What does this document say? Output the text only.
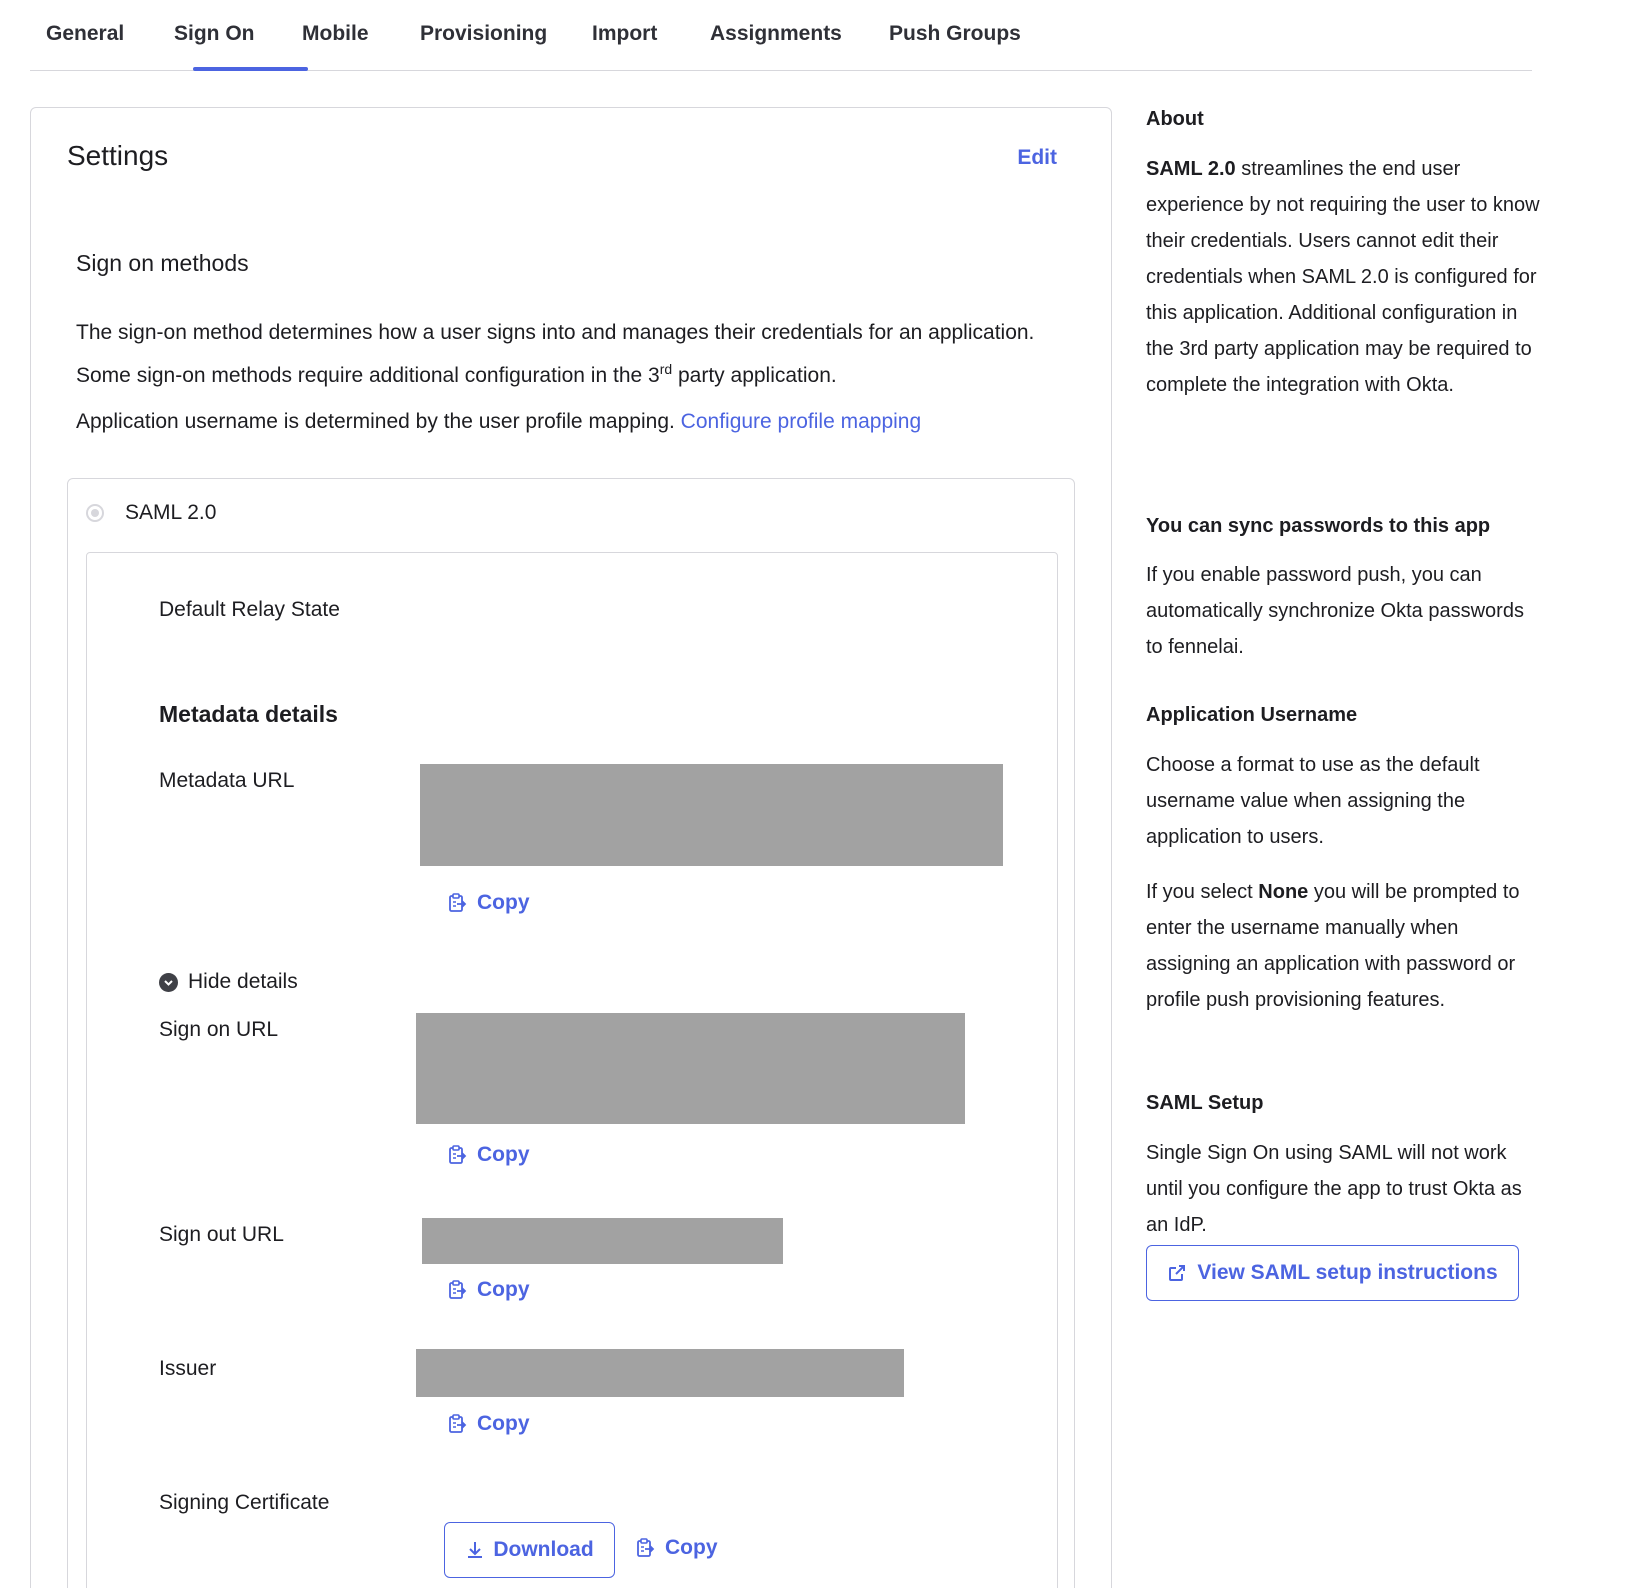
General Sign On Mobile Provisioning Import	Assignments Push Groups
Settings	Edit
Sign on methods
The sign-on method determines how a user signs into and manages their credentials for an application. Some sign-on methods require additional configuration in the 3rd party application.
Application username is determined by the user profile mapping. Configure profile mapping
SAML 2.0
Default Relay State
Metadata details
Metadata URL
Copy
Hide details
Sign on URL
Copy
Sign out URL
Copy
Issuer
Copy
Signing Certificate
Download	Copy
About
SAML 2.0 streamlines the end user experience by not requiring the user to know their credentials. Users cannot edit their credentials when SAML 2.0 is configured for this application. Additional configuration in the 3rd party application may be required to complete the integration with Okta.
You can sync passwords to this app
If you enable password push, you can automatically synchronize Okta passwords to fennelai.
Application Username
Choose a format to use as the default username value when assigning the application to users.
If you select None you will be prompted to enter the username manually when assigning an application with password or profile push provisioning features.
SAML Setup
Single Sign On using SAML will not work until you configure the app to trust Okta as an IdP.
View SAML setup instructions
